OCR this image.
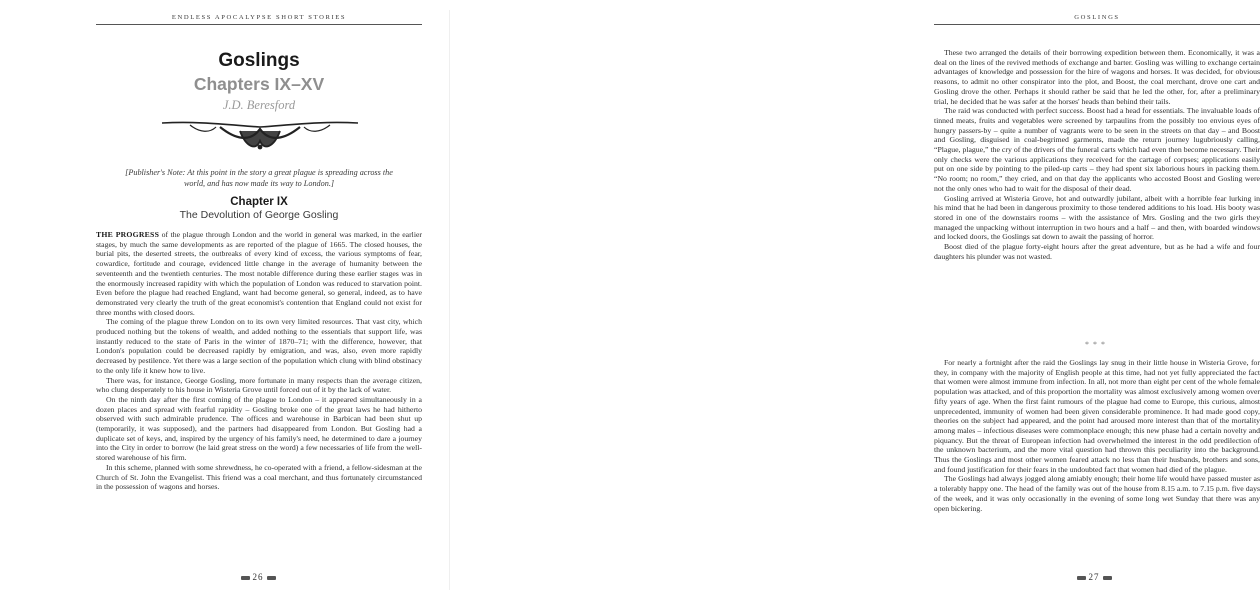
ENDLESS APOCALYPSE SHORT STORIES
Goslings
Chapters IX–XV
J.D. Beresford
[Publisher's Note: At this point in the story a great plague is spreading across the world, and has now made its way to London.]
Chapter IX
The Devolution of George Gosling

THE PROGRESS of the plague through London and the world in general was marked, in the earlier stages, by much the same developments as are reported of the plague of 1665. The closed houses, the burial pits, the deserted streets, the outbreaks of every kind of excess, the various symptoms of fear, cowardice, fortitude and courage, evidenced little change in the average of humanity between the seventeenth and the twentieth centuries. The most notable difference during these earlier stages was in the enormously increased rapidity with which the population of London was reduced to starvation point. Even before the plague had reached England, want had become general, so general, indeed, as to have demonstrated very clearly the truth of the great economist's contention that England could not exist for three months with closed doors.

The coming of the plague threw London on to its own very limited resources. That vast city, which produced nothing but the tokens of wealth, and added nothing to the essentials that support life, was instantly reduced to the state of Paris in the winter of 1870–71; with the difference, however, that London's population could be decreased rapidly by emigration, and was, also, even more rapidly decreased by pestilence. Yet there was a large section of the population which clung with blind obstinacy to the only life it knew how to live.

There was, for instance, George Gosling, more fortunate in many respects than the average citizen, who clung desperately to his house in Wisteria Grove until forced out of it by the lack of water.

On the ninth day after the first coming of the plague to London – it appeared simultaneously in a dozen places and spread with fearful rapidity – Gosling broke one of the great laws he had hitherto observed with such admirable prudence. The offices and warehouse in Barbican had been shut up (temporarily, it was supposed), and the partners had disappeared from London. But Gosling had a duplicate set of keys, and, inspired by the urgency of his family's need, he determined to dare a journey into the City in order to borrow (he laid great stress on the word) a few necessaries of life from the well-stored warehouse of his firm.

In this scheme, planned with some shrewdness, he co-operated with a friend, a fellow-sidesman at the Church of St. John the Evangelist. This friend was a coal merchant, and thus fortunately circumstanced in the possession of wagons and horses.

26
GOSLINGS

These two arranged the details of their borrowing expedition between them. Economically, it was a deal on the lines of the revived methods of exchange and barter. Gosling was willing to exchange certain advantages of knowledge and possession for the hire of wagons and horses. It was decided, for obvious reasons, to admit no other conspirator into the plot, and Boost, the coal merchant, drove one cart and Gosling drove the other. Perhaps it should rather be said that he led the other, for, after a preliminary trial, he decided that he was safer at the horses' heads than behind their tails.

The raid was conducted with perfect success. Boost had a head for essentials. The invaluable loads of tinned meats, fruits and vegetables were screened by tarpaulins from the possibly too envious eyes of hungry passers-by – quite a number of vagrants were to be seen in the streets on that day – and Boost and Gosling, disguised in coal-begrimed garments, made the return journey lugubriously calling, “Plague, plague,” the cry of the drivers of the funeral carts which had even then become necessary. Their only checks were the various applications they received for the cartage of corpses; applications easily put on one side by pointing to the piled-up carts – they had spent six laborious hours in packing them. “No room; no room,” they cried, and on that day the applicants who accosted Boost and Gosling were not the only ones who had to wait for the disposal of their dead.

Gosling arrived at Wisteria Grove, hot and outwardly jubilant, albeit with a horrible fear lurking in his mind that he had been in dangerous proximity to those tendered additions to his load. His booty was stored in one of the downstairs rooms – with the assistance of Mrs. Gosling and the two girls they managed the unpacking without interruption in two hours and a half – and then, with boarded windows and locked doors, the Goslings sat down to await the passing of horror.

Boost died of the plague forty-eight hours after the great adventure, but as he had a wife and four daughters his plunder was not wasted.

***

For nearly a fortnight after the raid the Goslings lay snug in their little house in Wisteria Grove, for they, in company with the majority of English people at this time, had not yet fully appreciated the fact that women were almost immune from infection. In all, not more than eight per cent of the whole female population was attacked, and of this proportion the mortality was almost exclusively among women over fifty years of age. When the first faint rumours of the plague had come to Europe, this curious, almost unprecedented, immunity of women had been given considerable prominence. It had made good copy, theories on the subject had appeared, and the point had aroused more interest than that of the mortality among males – infectious diseases were commonplace enough; this new phase had a certain novelty and piquancy. But the threat of European infection had overwhelmed the interest in the odd predilection of the unknown bacterium, and the more vital question had thrown this peculiarity into the background. Thus the Goslings and most other women feared attack no less than their husbands, brothers and sons, and found justification for their fears in the undoubted fact that women had died of the plague.

The Goslings had always jogged along amiably enough; their home life would have passed muster as a tolerably happy one. The head of the family was out of the house from 8.15 a.m. to 7.15 p.m. five days of the week, and it was only occasionally in the evening of some long wet Sunday that there was any open bickering.

27
